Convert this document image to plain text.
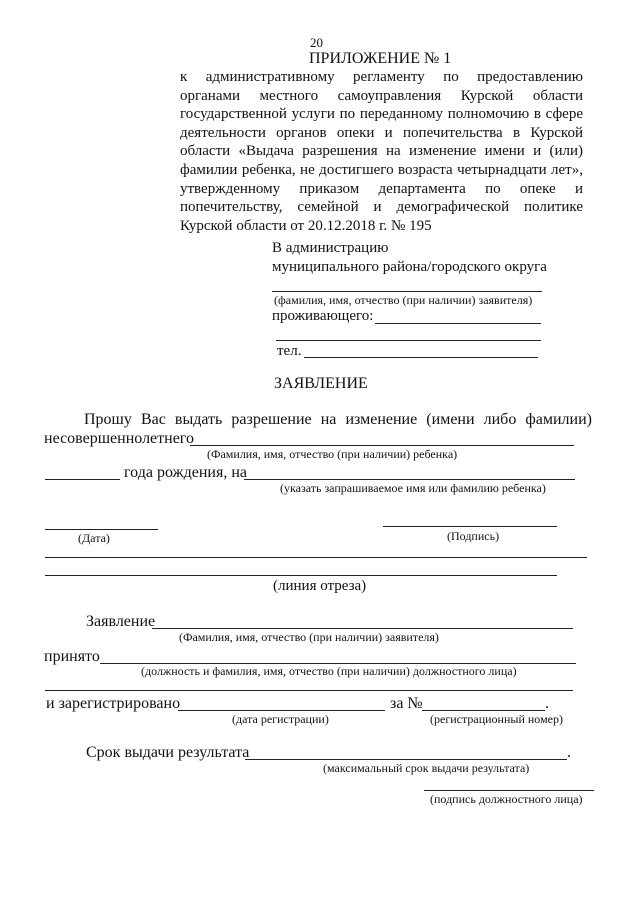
20
ПРИЛОЖЕНИЕ № 1
к административному регламенту по предоставлению
органами местного самоуправления Курской области
государственной услуги по переданному полномочию в сфере
деятельности органов опеки и попечительства в Курской
области «Выдача разрешения на изменение имени и (или)
фамилии ребенка, не достигшего возраста четырнадцати лет»,
утвержденному приказом департамента по опеке и
попечительству, семейной и демографической политике
Курской области от 20.12.2018 г. № 195
В администрацию
муниципального района/городского округа
(фамилия, имя, отчество (при наличии) заявителя)
проживающего:
тел.
ЗАЯВЛЕНИЕ
Прошу Вас выдать разрешение на изменение (имени либо фамилии)
несовершеннолетнего
(Фамилия, имя, отчество (при наличии) ребенка)
года рождения, на
(указать запрашиваемое имя или фамилию ребенка)
(Дата)	(Подпись)
(линия отреза)
Заявление
(Фамилия, имя, отчество (при наличии) заявителя)
принято
(должность и фамилия, имя, отчество (при наличии) должностного лица)
и зарегистрировано	за №	.
(дата регистрации)	(регистрационный номер)
Срок выдачи результата	.
(максимальный срок выдачи результата)
(подпись должностного лица)
